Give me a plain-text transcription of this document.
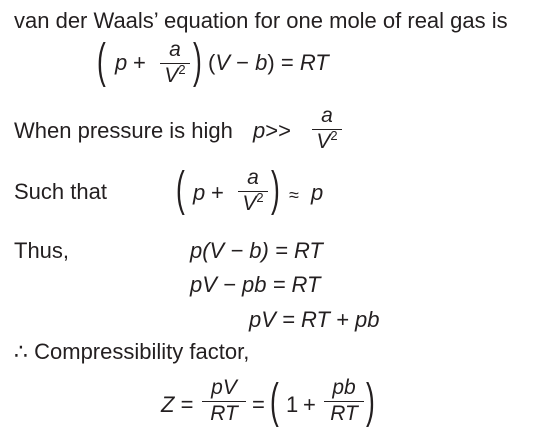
van der Waals’ equation for one mole of real gas is
( p +
a
$V^2$ ) (V − b) = RT
When pressure is high p>>
a
$V^2$
Such that ( p +
a
$V^2$ ) ≈ p
Thus,	p(V − b) = RT
pV − pb = RT
pV = RT + pb
∴ Compressibility factor,
Z =
pV
RT = ( 1 +
pb
RT )
